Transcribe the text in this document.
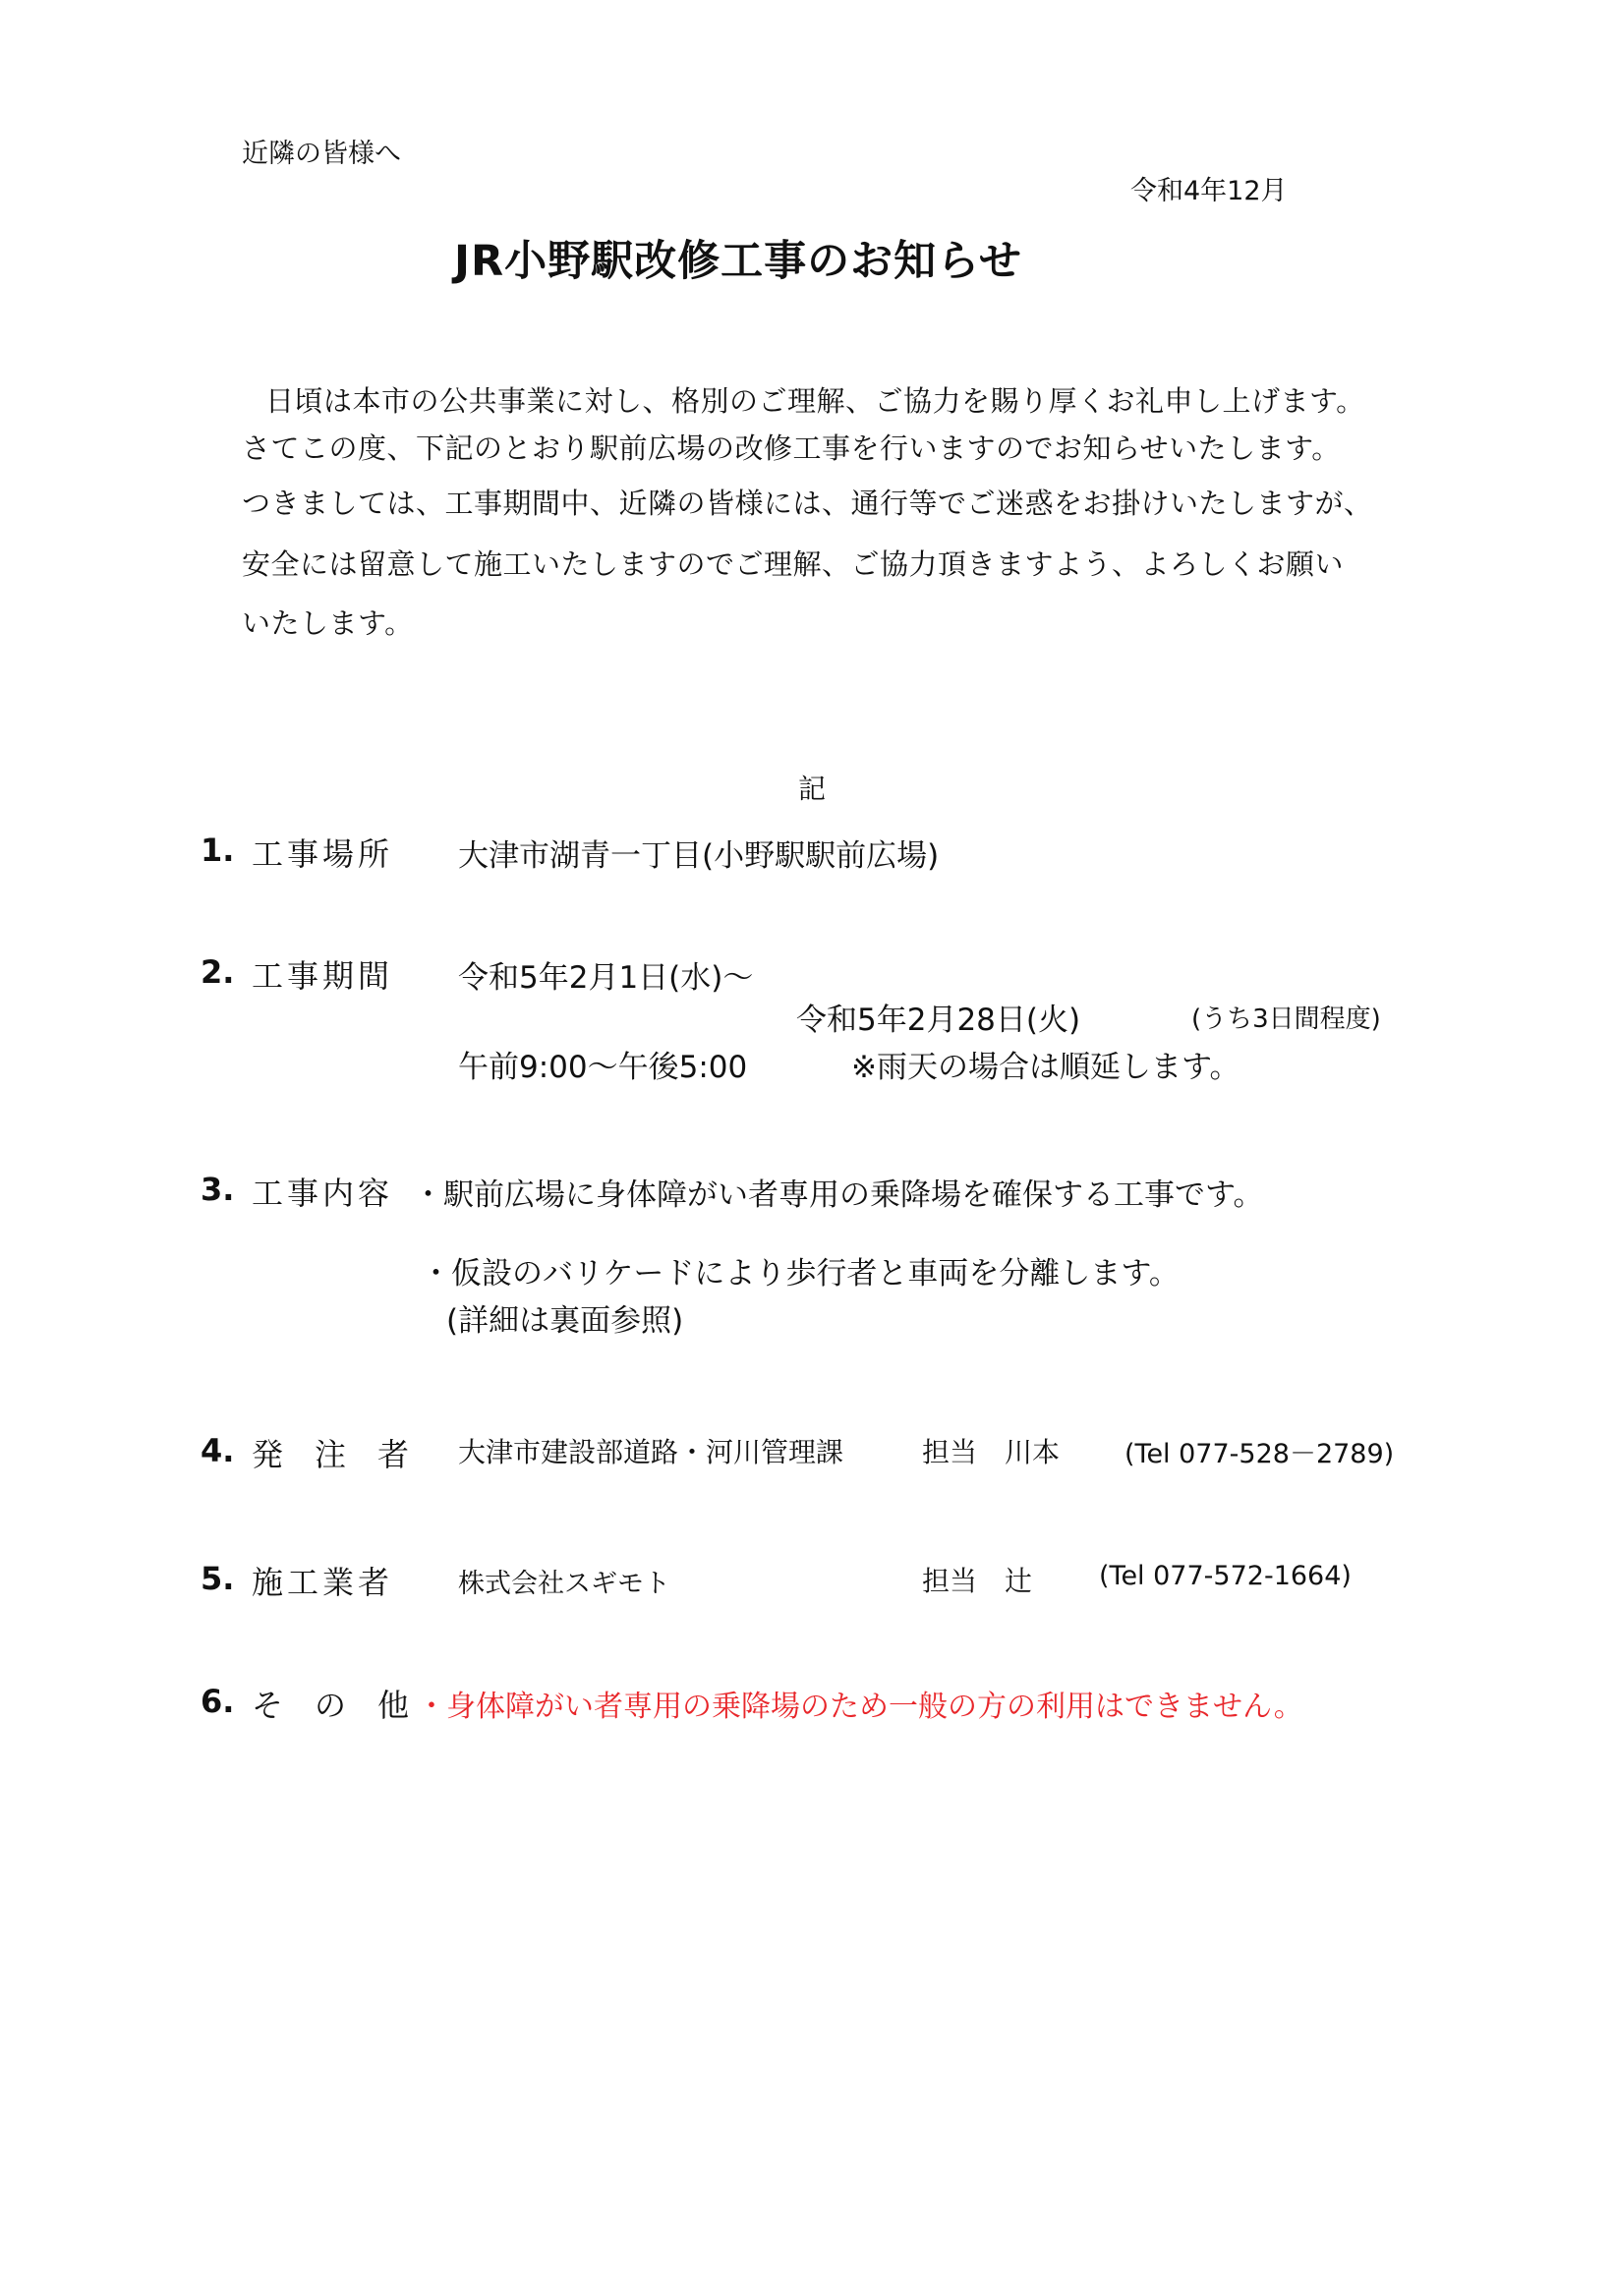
近隣の皆様へ
令和4年12月
JR小野駅改修工事のお知らせ
日頃は本市の公共事業に対し、格別のご理解、ご協力を賜り厚くお礼申し上げます。
さてこの度、下記のとおり駅前広場の改修工事を行いますのでお知らせいたします。
つきましては、工事期間中、近隣の皆様には、通行等でご迷惑をお掛けいたしますが、
安全には留意して施工いたしますのでご理解、ご協力頂きますよう、よろしくお願い
いたします。
記
1. 工事場所 大津市湖青一丁目(小野駅駅前広場)
2. 工事期間 令和5年2月1日(水)～
令和5年2月28日(火)	(うち3日間程度)
午前9:00～午後5:00	※雨天の場合は順延します。
3. 工事内容 ・駅前広場に身体障がい者専用の乗降場を確保する工事です。
・仮設のバリケードにより歩行者と車両を分離します。
(詳細は裏面参照)
4. 発　注　者 大津市建設部道路・河川管理課	担当　川本 (Tel 077-528－2789)
5. 施工業者 株式会社スギモト	担当　辻	(Tel 077-572-1664)
6. そ　の　他 ・身体障がい者専用の乗降場のため一般の方の利用はできません。
